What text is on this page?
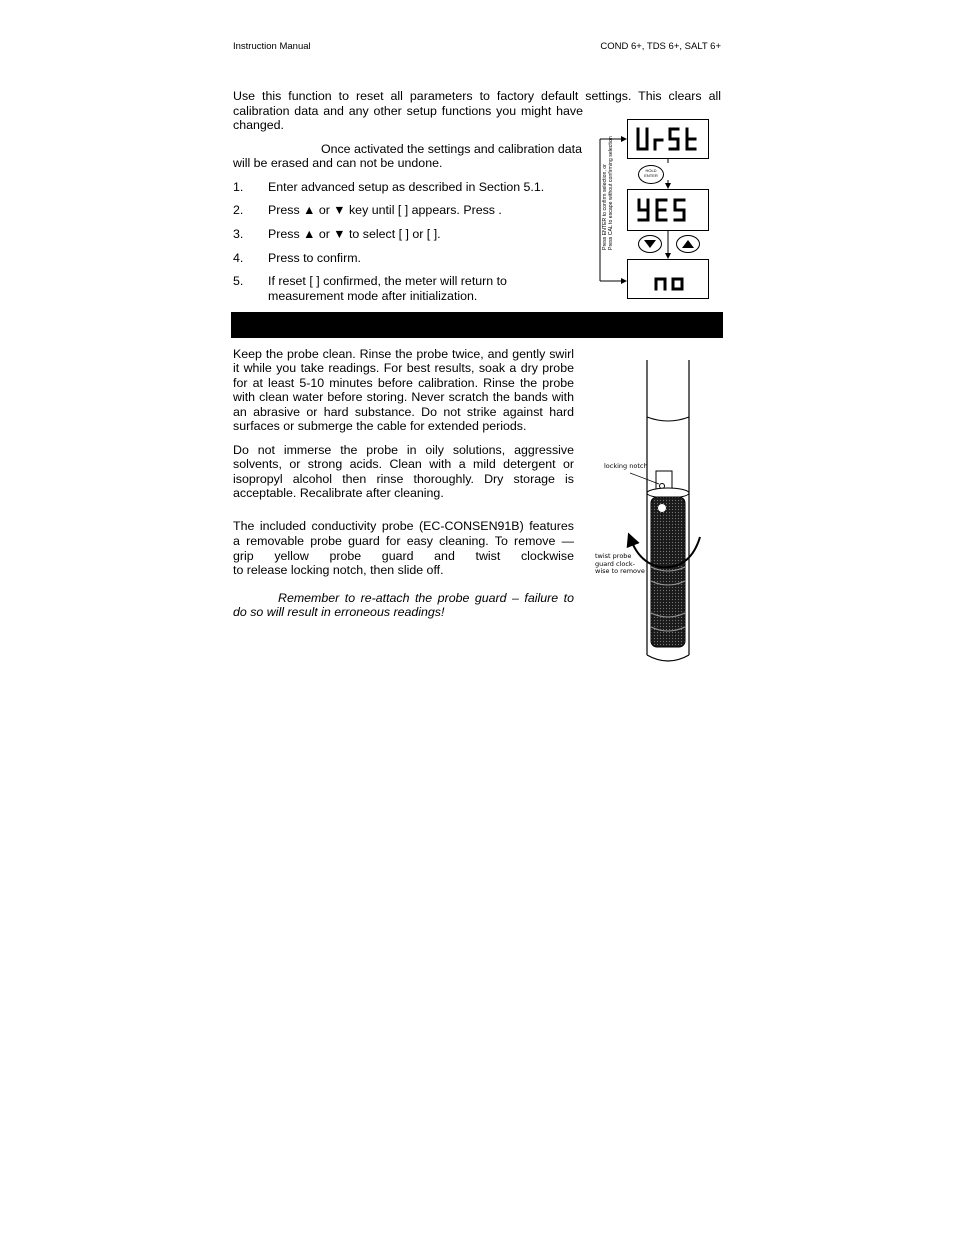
Instruction Manual	COND 6+, TDS 6+, SALT 6+
Use this function to reset all parameters to factory default settings. This clears all
calibration data and any other setup functions you might have
changed.
Once activated the settings and calibration data
will be erased and can not be undone.
1. Enter advanced setup as described in Section 5.1.
2. Press ▲ or ▼ key until [ ] appears. Press .
3. Press ▲ or ▼ to select [ ] or [ ].
4. Press to confirm.
5. If reset [ ] confirmed, the meter will return to
measurement mode after initialization.
HOLD
ENTER
Press ENTER to confirm selection, or Press CAL to escape without confirming selection
Keep the probe clean. Rinse the probe twice, and gently swirl
it while you take readings. For best results, soak a dry probe
for at least 5-10 minutes before calibration. Rinse the probe
with clean water before storing. Never scratch the bands with
an abrasive or hard substance. Do not strike against hard
surfaces or submerge the cable for extended periods.
Do not immerse the probe in oily solutions, aggressive
solvents, or strong acids. Clean with a mild detergent or
isopropyl alcohol then rinse thoroughly. Dry storage is
acceptable. Recalibrate after cleaning.
The included conductivity probe (EC-CONSEN91B) features
a removable probe guard for easy cleaning. To remove —
grip yellow probe guard and twist clockwise
to release locking notch, then slide off.
Remember to re-attach the probe guard – failure to
do so will result in erroneous readings!
locking notch
twist probe
guard clock-
wise to remove
